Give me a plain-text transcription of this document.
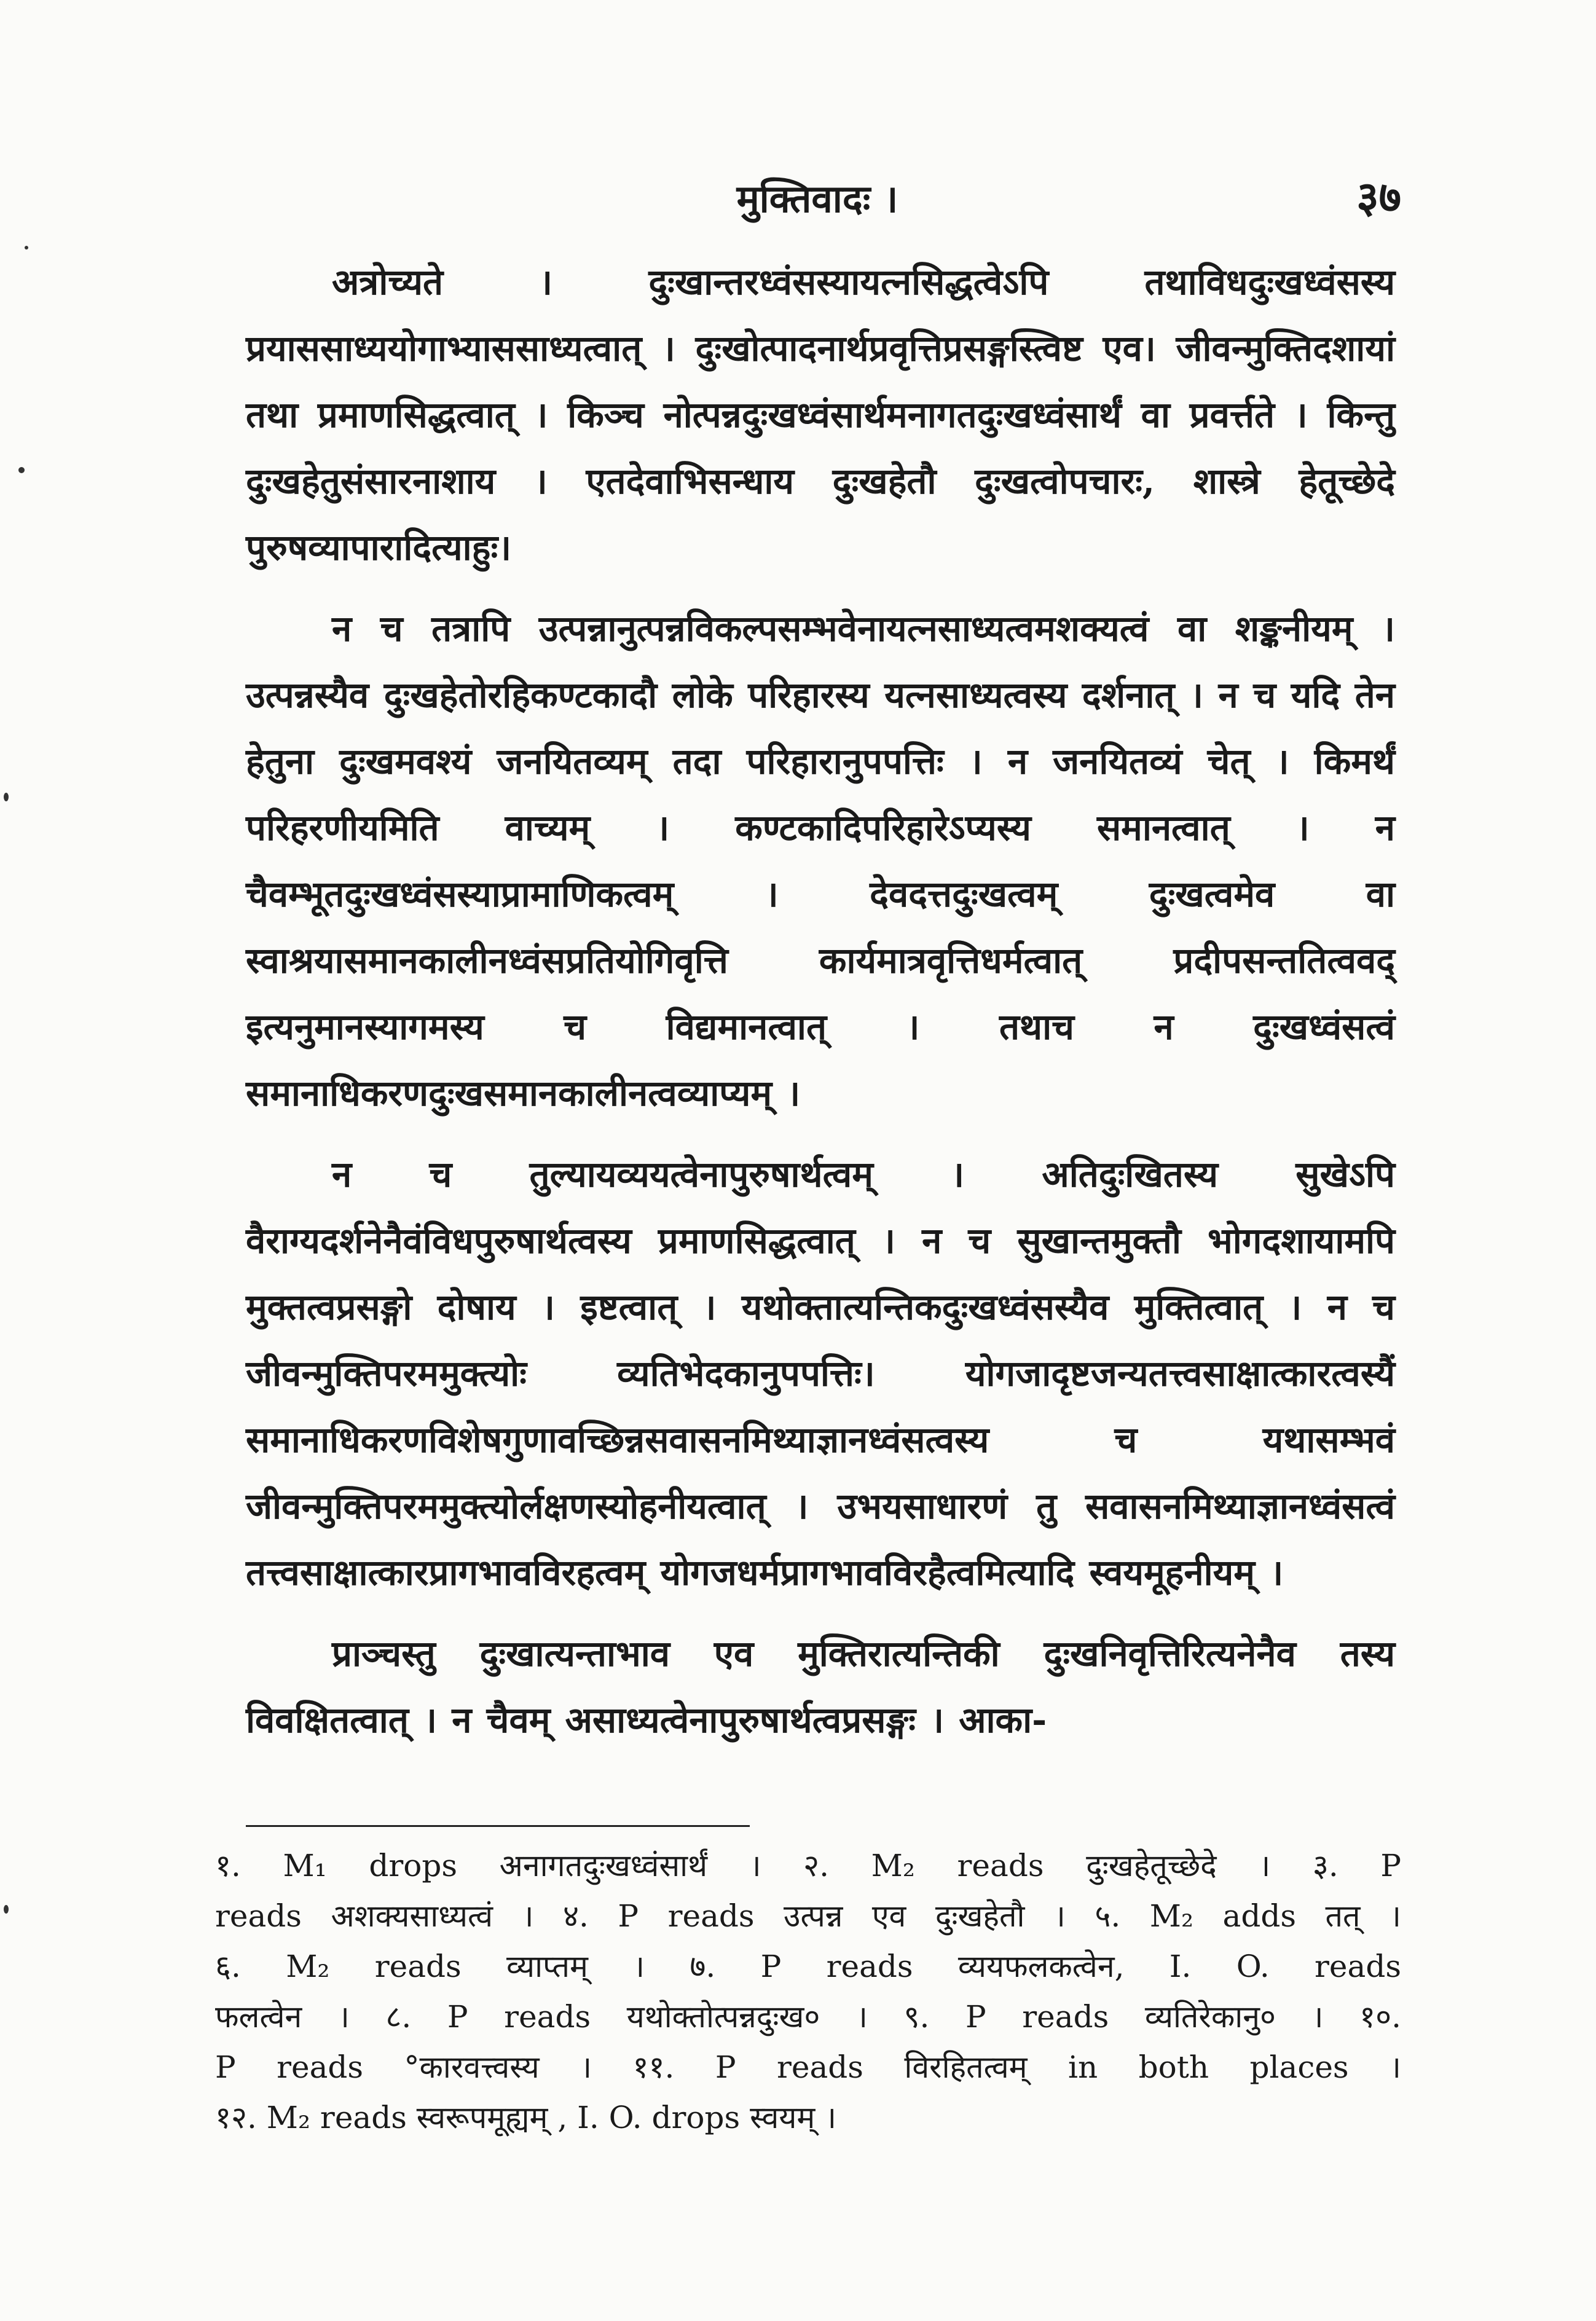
मुक्तिवादः ।	३७

अत्रोच्यते । दुःखान्तरध्वंसस्यायत्नसिद्धत्वेऽपि तथाविधदुःखध्वंसस्य प्रयाससाध्ययोगाभ्याससाध्यत्वात् । दुःखोत्पादनार्थप्रवृत्तिप्रसङ्गस्त्विष्ट एव। जीवन्मुक्तिदशायां तथा प्रमाणसिद्धत्वात् । किञ्च नोत्पन्नदुःखध्वंसार्थमनागतदुःखध्वंसार्थं वा प्रवर्त्तते । किन्तु दुःखहेतुसंसारनाशाय । एतदेवाभिसन्धाय दुःखहेतौ दुःखत्वोपचारः, शास्त्रे हेतूच्छेदे पुरुषव्यापारादित्याहुः।

न च तत्रापि उत्पन्नानुत्पन्नविकल्पसम्भवेनायत्नसाध्यत्वमशक्यत्वं वा शङ्कनीयम् । उत्पन्नस्यैव दुःखहेतोरहिकण्टकादौ लोके परिहारस्य यत्नसाध्यत्वस्य दर्शनात् । न च यदि तेन हेतुना दुःखमवश्यं जनयितव्यम् तदा परिहारानुपपत्तिः । न जनयितव्यं चेत् । किमर्थं परिहरणीयमिति वाच्यम् । कण्टकादिपरिहारेऽप्यस्य समानत्वात् । न चैवम्भूतदुःखध्वंसस्याप्रामाणिकत्वम् । देवदत्तदुःखत्वम् दुःखत्वमेव वा स्वाश्रयासमानकालीनध्वंसप्रतियोगिवृत्ति कार्यमात्रवृत्तिधर्मत्वात् प्रदीपसन्ततित्ववद् इत्यनुमानस्यागमस्य च विद्यमानत्वात् । तथाच न दुःखध्वंसत्वं समानाधिकरणदुःखसमानकालीनत्वव्याप्यम् ।

न च तुल्यायव्ययत्वेनापुरुषार्थत्वम् । अतिदुःखितस्य सुखेऽपि वैराग्यदर्शनेनैवंविधपुरुषार्थत्वस्य प्रमाणसिद्धत्वात् । न च सुखान्तमुक्तौ भोगदशायामपि मुक्तत्वप्रसङ्गो दोषाय । इष्टत्वात् । यथोक्तात्यन्तिकदुःखध्वंसस्यैव मुक्तित्वात् । न च जीवन्मुक्तिपरममुक्त्योः व्यतिभेदकानुपपत्तिः। योगजादृष्टजन्यतत्त्वसाक्षात्कारत्वस्यैं समानाधिकरणविशेषगुणावच्छिन्नसवासनमिथ्याज्ञानध्वंसत्वस्य च यथासम्भवं जीवन्मुक्तिपरममुक्त्योर्लक्षणस्योहनीयत्वात् । उभयसाधारणं तु सवासनमिथ्याज्ञानध्वंसत्वं तत्त्वसाक्षात्कारप्रागभावविरहत्वम् योगजधर्मप्रागभावविरहैत्वमित्यादि स्वयमूहनीयम् ।

प्राञ्चस्तु दुःखात्यन्ताभाव एव मुक्तिरात्यन्तिकी दुःखनिवृत्तिरित्यनेनैव तस्य विवक्षितत्वात् । न चैवम् असाध्यत्वेनापुरुषार्थत्वप्रसङ्गः । आका-

१. M₁ drops अनागतदुःखध्वंसार्थं । २. M₂ reads दुःखहेतूच्छेदे । ३. P
reads अशक्यसाध्यत्वं । ४. P reads उत्पन्न एव दुःखहेतौ । ५. M₂ adds तत् ।
६. M₂ reads व्याप्तम् । ७. P reads व्ययफलकत्वेन, I. O. reads
फलत्वेन । ८. P reads यथोक्तोत्पन्नदुःख० । ९. P reads व्यतिरेकानु० । १०.
P reads °कारवत्त्वस्य । ११. P reads विरहितत्वम् in both places ।
१२. M₂ reads स्वरूपमूह्यम् , I. O. drops स्वयम् ।
